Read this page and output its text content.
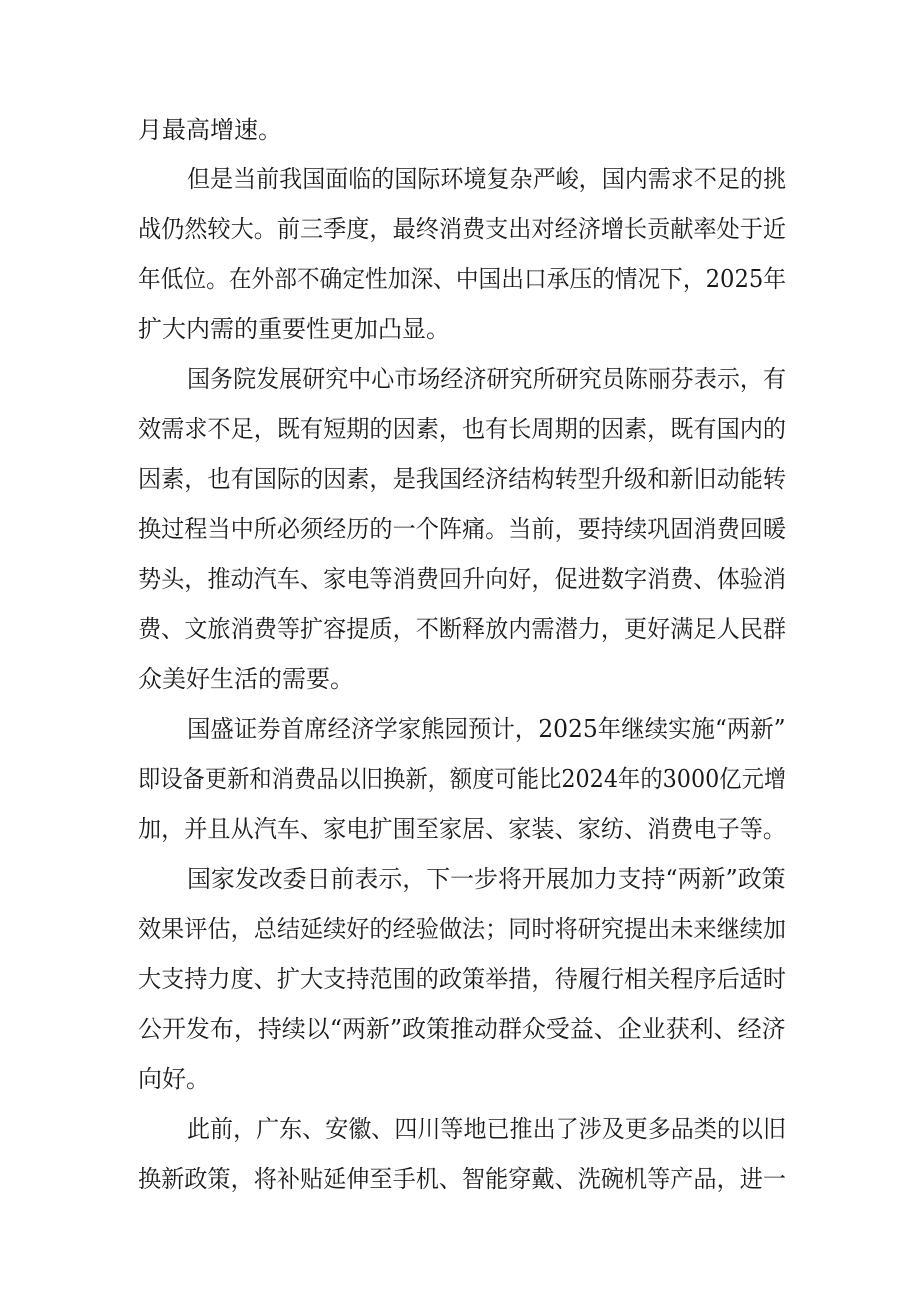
月最高增速。
但是当前我国面临的国际环境复杂严峻，国内需求不足的挑
战仍然较大。前三季度，最终消费支出对经济增长贡献率处于近
年低位。在外部不确定性加深、中国出口承压的情况下，2025年
扩大内需的重要性更加凸显。
国务院发展研究中心市场经济研究所研究员陈丽芬表示，有
效需求不足，既有短期的因素，也有长周期的因素，既有国内的
因素，也有国际的因素，是我国经济结构转型升级和新旧动能转
换过程当中所必须经历的一个阵痛。当前，要持续巩固消费回暖
势头，推动汽车、家电等消费回升向好，促进数字消费、体验消
费、文旅消费等扩容提质，不断释放内需潜力，更好满足人民群
众美好生活的需要。
国盛证券首席经济学家熊园预计，2025年继续实施“两新”
即设备更新和消费品以旧换新，额度可能比2024年的3000亿元增
加，并且从汽车、家电扩围至家居、家装、家纺、消费电子等。
国家发改委日前表示，下一步将开展加力支持“两新”政策
效果评估，总结延续好的经验做法；同时将研究提出未来继续加
大支持力度、扩大支持范围的政策举措，待履行相关程序后适时
公开发布，持续以“两新”政策推动群众受益、企业获利、经济
向好。
此前，广东、安徽、四川等地已推出了涉及更多品类的以旧
换新政策，将补贴延伸至手机、智能穿戴、洗碗机等产品，进一
